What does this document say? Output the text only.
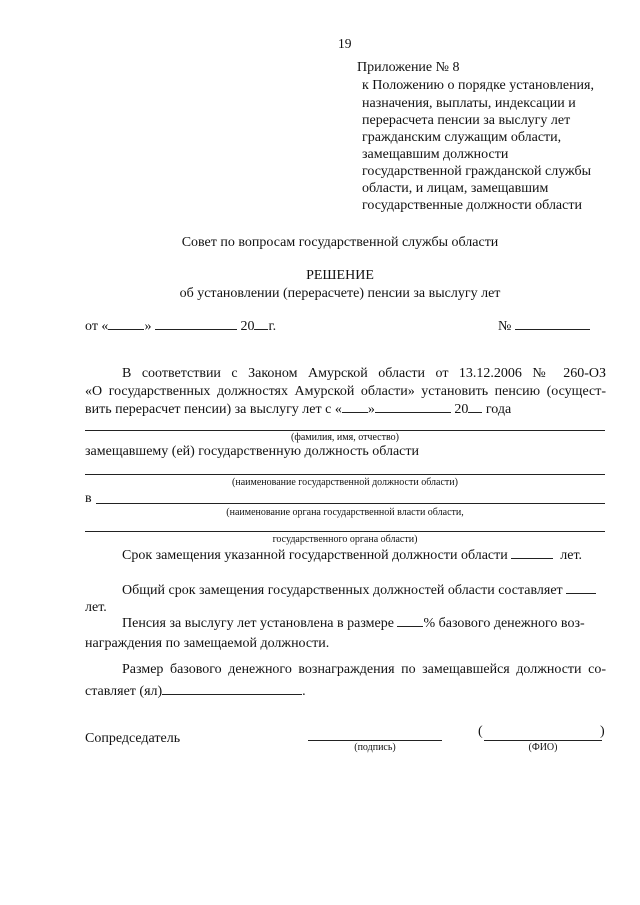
19
Приложение № 8
к Положению о порядке установления,
назначения, выплаты, индексации и
перерасчета пенсии за выслугу лет
гражданским служащим области,
замещавшим должности
государственной гражданской службы
области, и лицам, замещавшим
государственные должности области
Совет по вопросам государственной службы области
РЕШЕНИЕ
об установлении (перерасчете) пенсии за выслугу лет
от «	»	20 г.	№
В соответствии с Законом Амурской области от 13.12.2006 № 260-ОЗ
«О государственных должностях Амурской области» установить пенсию (осущест-
вить перерасчет пенсии) за выслугу лет с « »	20 года
(фамилия, имя, отчество)
замещавшему (ей) государственную должность области
(наименование государственной должности области)
в
(наименование органа государственной власти области,
государственного органа области)
Срок замещения указанной государственной должности области	лет.
Общий срок замещения государственных должностей области составляет
лет.
Пенсия за выслугу лет установлена в размере % базового денежного воз-
награждения по замещаемой должности.
Размер базового денежного вознаграждения по замещавшейся должности со-
ставляет (ял)	.
Сопредседатель
(подпись)
(	)
(ФИО)
